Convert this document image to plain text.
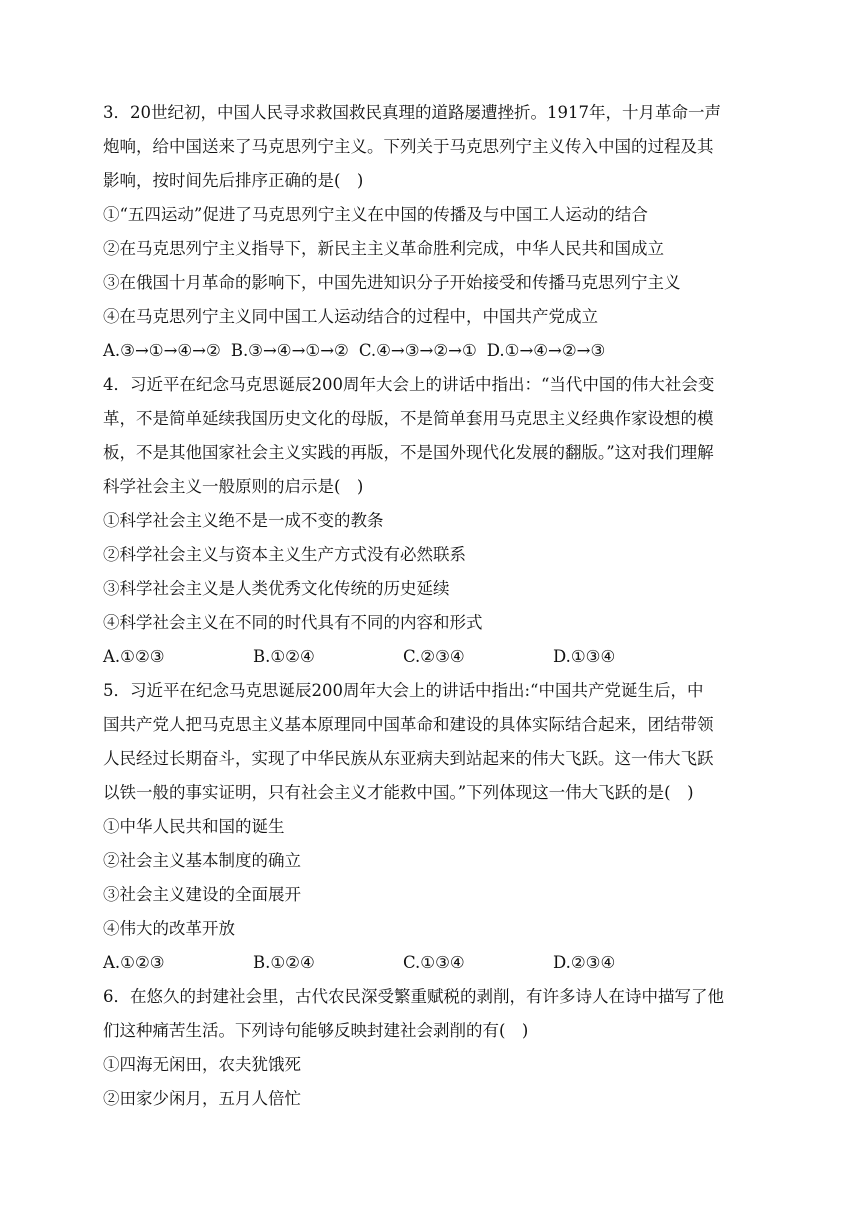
3．20世纪初，中国人民寻求救国救民真理的道路屡遭挫折。1917年，十月革命一声
炮响，给中国送来了马克思列宁主义。下列关于马克思列宁主义传入中国的过程及其
影响，按时间先后排序正确的是(　)
①“五四运动”促进了马克思列宁主义在中国的传播及与中国工人运动的结合
②在马克思列宁主义指导下，新民主主义革命胜利完成，中华人民共和国成立
③在俄国十月革命的影响下，中国先进知识分子开始接受和传播马克思列宁主义
④在马克思列宁主义同中国工人运动结合的过程中，中国共产党成立
A.③→①→④→② B.③→④→①→② C.④→③→②→① D.①→④→②→③
4．习近平在纪念马克思诞辰200周年大会上的讲话中指出：“当代中国的伟大社会变
革，不是简单延续我国历史文化的母版，不是简单套用马克思主义经典作家设想的模
板，不是其他国家社会主义实践的再版，不是国外现代化发展的翻版。”这对我们理解
科学社会主义一般原则的启示是(　)
①科学社会主义绝不是一成不变的教条
②科学社会主义与资本主义生产方式没有必然联系
③科学社会主义是人类优秀文化传统的历史延续
④科学社会主义在不同的时代具有不同的内容和形式
A.①②③	B.①②④	C.②③④	D.①③④
5．习近平在纪念马克思诞辰200周年大会上的讲话中指出:“中国共产党诞生后，中
国共产党人把马克思主义基本原理同中国革命和建设的具体实际结合起来，团结带领
人民经过长期奋斗，实现了中华民族从东亚病夫到站起来的伟大飞跃。这一伟大飞跃
以铁一般的事实证明，只有社会主义才能救中国。”下列体现这一伟大飞跃的是(　)
①中华人民共和国的诞生
②社会主义基本制度的确立
③社会主义建设的全面展开
④伟大的改革开放
A.①②③	B.①②④	C.①③④	D.②③④
6．在悠久的封建社会里，古代农民深受繁重赋税的剥削，有许多诗人在诗中描写了他
们这种痛苦生活。下列诗句能够反映封建社会剥削的有(　)
①四海无闲田，农夫犹饿死
②田家少闲月，五月人倍忙
